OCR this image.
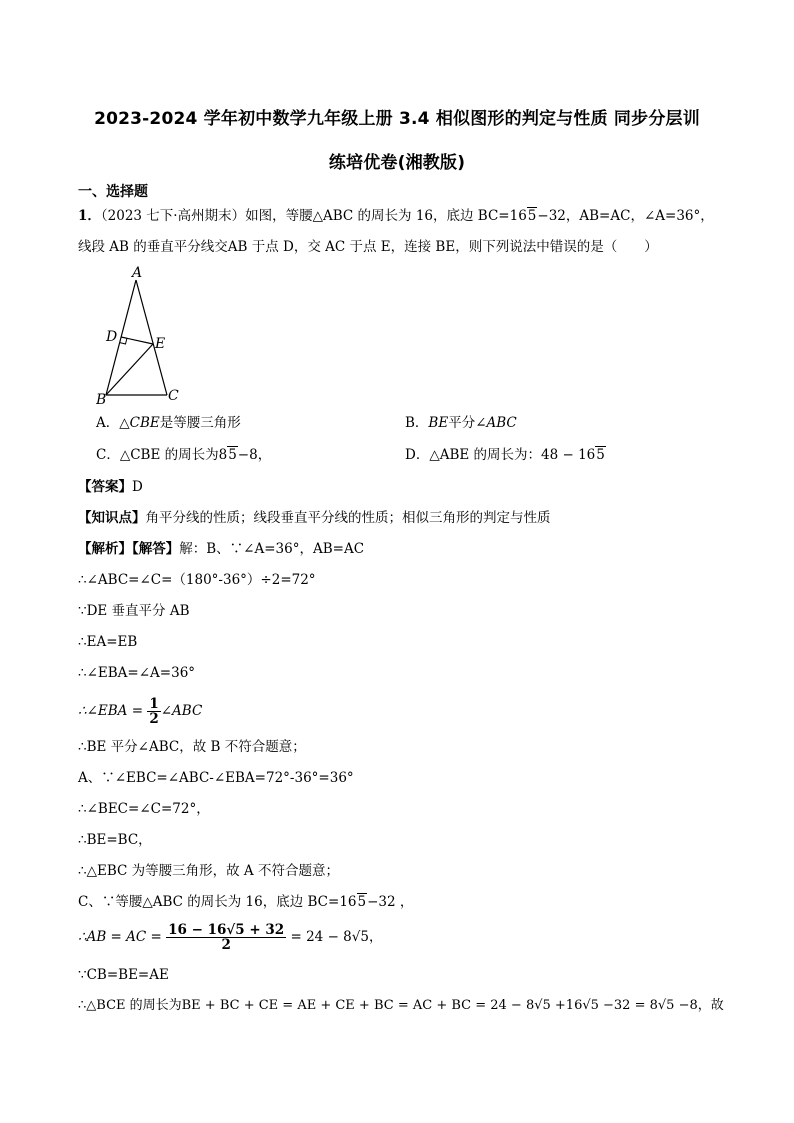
2023-2024 学年初中数学九年级上册 3.4 相似图形的判定与性质 同步分层训
练培优卷(湘教版)
一、选择题
1．（2023 七下·高州期末）如图，等腰△ABC 的周长为 16，底边 BC=165−32，AB=AC，∠A=36°，
线段 AB 的垂直平分线交AB 于点 D，交 AC 于点 E，连接 BE，则下列说法中错误的是（　　）
A
D	E
B	C
A．△CBE是等腰三角形	B．BE平分∠ABC
C．△CBE 的周长为85−8，	D．△ABE 的周长为：48 − 165
【答案】D
【知识点】角平分线的性质；线段垂直平分线的性质；相似三角形的判定与性质
【解析】【解答】解：B、∵∠A=36°，AB=AC
∴∠ABC=∠C=（180°-36°）÷2=72°
∵DE 垂直平分 AB
∴EA=EB
∴∠EBA=∠A=36°
∴∠EBA = $\frac{1}{2}$ ∠ABC
∴BE 平分∠ABC，故 B 不符合题意；
A、∵∠EBC=∠ABC-∠EBA=72°-36°=36°
∴∠BEC=∠C=72°，
∴BE=BC，
∴△EBC 为等腰三角形，故 A 不符合题意；
C、∵等腰△ABC 的周长为 16，底边 BC=165−32 ，
∴AB = AC = $\frac{16 - 16√5 + 32}{2} = 24 - 8√5$，
∵CB=BE=AE
∴△BCE 的周长为BE + BC + CE = AE + CE + BC = AC + BC = 24 − 8√5 +16√5 −32 = 8√5 −8，故
